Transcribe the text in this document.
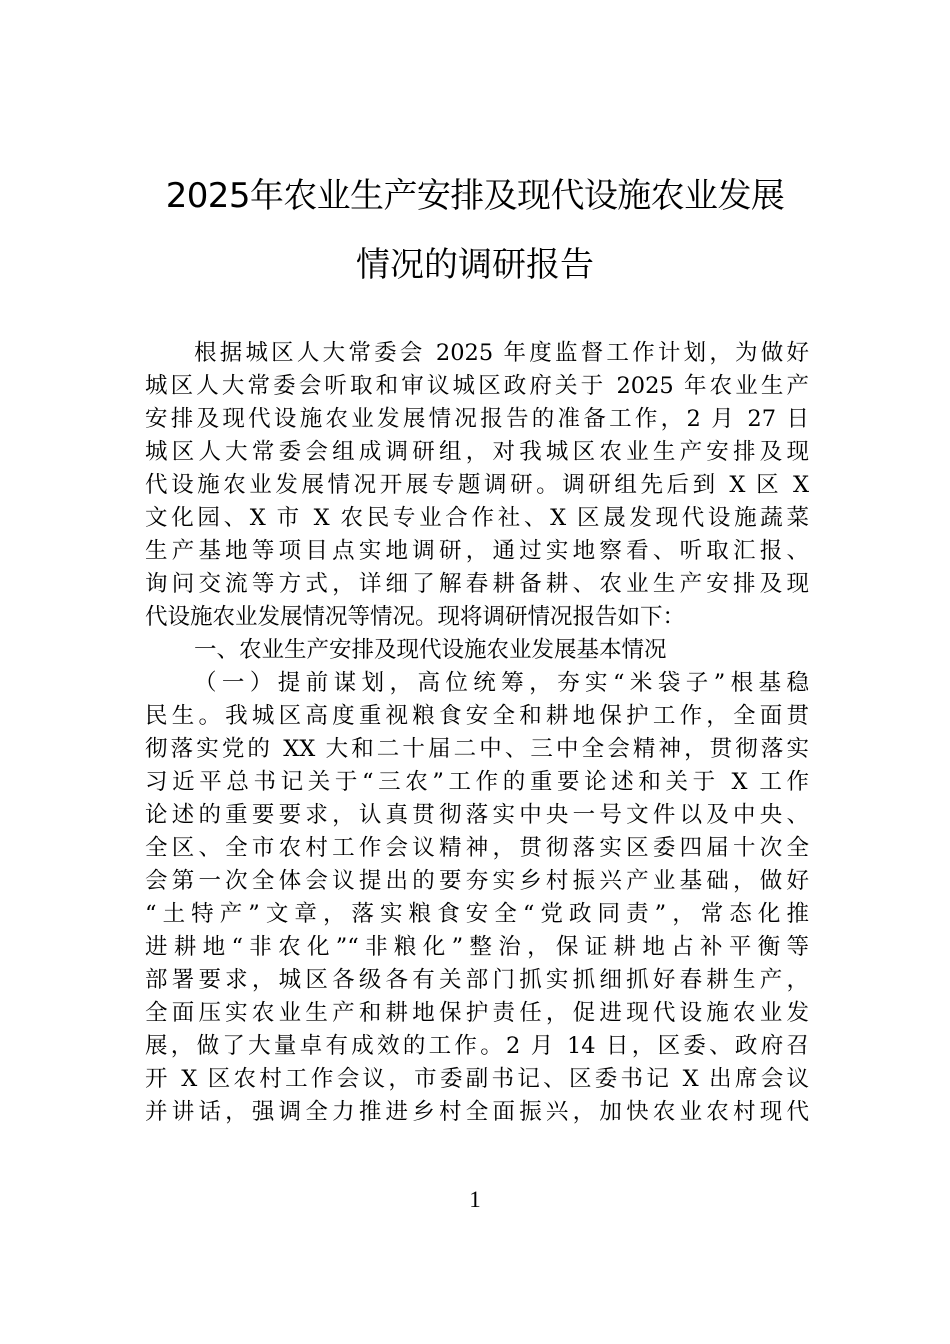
2025年农业生产安排及现代设施农业发展
情况的调研报告
根据城区人大常委会 2025 年度监督工作计划，为做好
城区人大常委会听取和审议城区政府关于 2025 年农业生产
安排及现代设施农业发展情况报告的准备工作，2 月 27 日
城区人大常委会组成调研组，对我城区农业生产安排及现
代设施农业发展情况开展专题调研。调研组先后到 X 区 X
文化园、X 市 X 农民专业合作社、X 区晟发现代设施蔬菜
生产基地等项目点实地调研，通过实地察看、听取汇报、
询问交流等方式，详细了解春耕备耕、农业生产安排及现
代设施农业发展情况等情况。现将调研情况报告如下：
一、农业生产安排及现代设施农业发展基本情况
（一）提前谋划，高位统筹，夯实“米袋子”根基稳
民生。我城区高度重视粮食安全和耕地保护工作，全面贯
彻落实党的 XX 大和二十届二中、三中全会精神，贯彻落实
习近平总书记关于“三农”工作的重要论述和关于 X 工作
论述的重要要求，认真贯彻落实中央一号文件以及中央、
全区、全市农村工作会议精神，贯彻落实区委四届十次全
会第一次全体会议提出的要夯实乡村振兴产业基础，做好
“土特产”文章，落实粮食安全“党政同责”，常态化推
进耕地“非农化”“非粮化”整治，保证耕地占补平衡等
部署要求，城区各级各有关部门抓实抓细抓好春耕生产，
全面压实农业生产和耕地保护责任，促进现代设施农业发
展，做了大量卓有成效的工作。2 月 14 日，区委、政府召
开 X 区农村工作会议，市委副书记、区委书记 X 出席会议
并讲话，强调全力推进乡村全面振兴，加快农业农村现代
1
